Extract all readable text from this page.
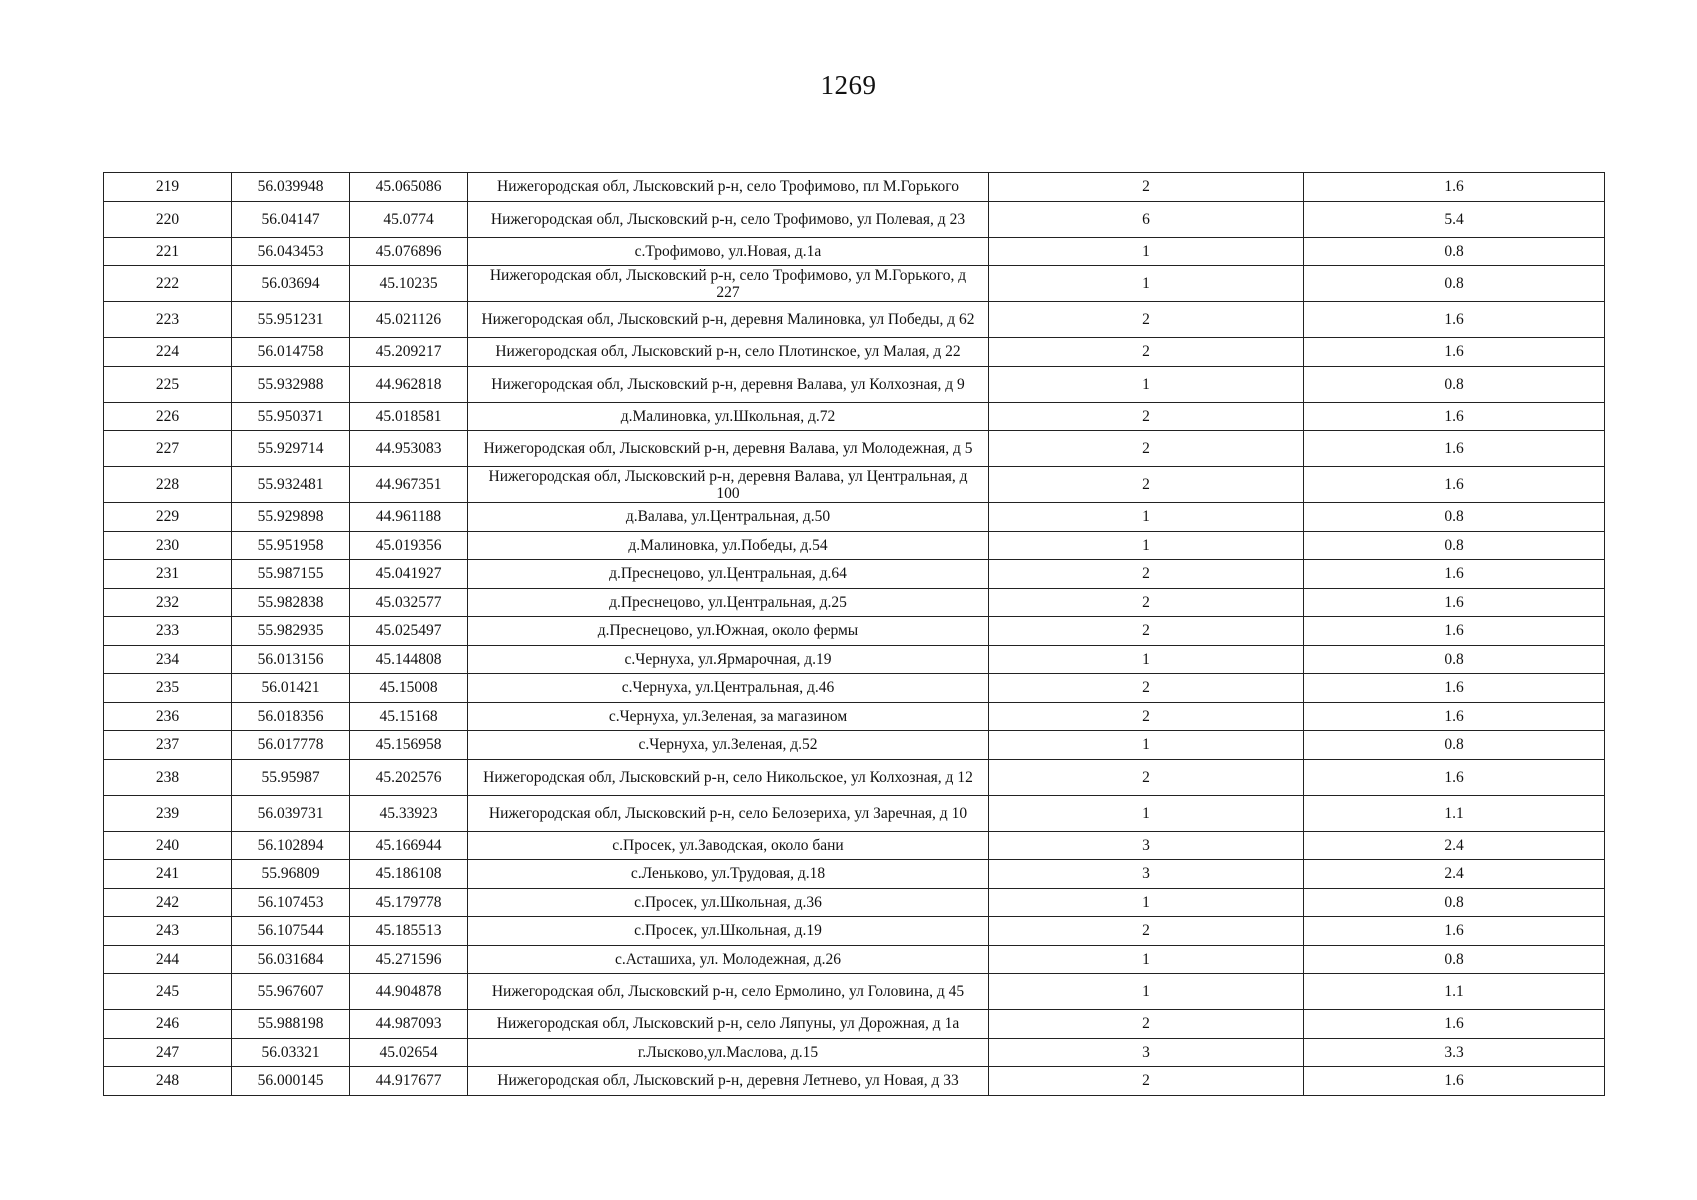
1269
219	56.039948	45.065086	Нижегородская обл, Лысковский р-н, село Трофимово, пл М.Горького	2	1.6
220	56.04147	45.0774	Нижегородская обл, Лысковский р-н, село Трофимово, ул Полевая, д 23	6	5.4
221	56.043453	45.076896	с.Трофимово, ул.Новая, д.1а	1	0.8
222	56.03694	45.10235	Нижегородская обл, Лысковский р-н, село Трофимово, ул М.Горького, д 227	1	0.8
223	55.951231	45.021126	Нижегородская обл, Лысковский р-н, деревня Малиновка, ул Победы, д 62	2	1.6
224	56.014758	45.209217	Нижегородская обл, Лысковский р-н, село Плотинское, ул Малая, д 22	2	1.6
225	55.932988	44.962818	Нижегородская обл, Лысковский р-н, деревня Валава, ул Колхозная, д 9	1	0.8
226	55.950371	45.018581	д.Малиновка, ул.Школьная, д.72	2	1.6
227	55.929714	44.953083	Нижегородская обл, Лысковский р-н, деревня Валава, ул Молодежная, д 5	2	1.6
228	55.932481	44.967351	Нижегородская обл, Лысковский р-н, деревня Валава, ул Центральная, д 100	2	1.6
229	55.929898	44.961188	д.Валава, ул.Центральная, д.50	1	0.8
230	55.951958	45.019356	д.Малиновка, ул.Победы, д.54	1	0.8
231	55.987155	45.041927	д.Преснецово, ул.Центральная, д.64	2	1.6
232	55.982838	45.032577	д.Преснецово, ул.Центральная, д.25	2	1.6
233	55.982935	45.025497	д.Преснецово, ул.Южная, около фермы	2	1.6
234	56.013156	45.144808	с.Чернуха, ул.Ярмарочная, д.19	1	0.8
235	56.01421	45.15008	с.Чернуха, ул.Центральная, д.46	2	1.6
236	56.018356	45.15168	с.Чернуха, ул.Зеленая, за магазином	2	1.6
237	56.017778	45.156958	с.Чернуха, ул.Зеленая, д.52	1	0.8
238	55.95987	45.202576	Нижегородская обл, Лысковский р-н, село Никольское, ул Колхозная, д 12	2	1.6
239	56.039731	45.33923	Нижегородская обл, Лысковский р-н, село Белозериха, ул Заречная, д 10	1	1.1
240	56.102894	45.166944	с.Просек, ул.Заводская, около бани	3	2.4
241	55.96809	45.186108	с.Леньково, ул.Трудовая, д.18	3	2.4
242	56.107453	45.179778	с.Просек, ул.Школьная, д.36	1	0.8
243	56.107544	45.185513	с.Просек, ул.Школьная, д.19	2	1.6
244	56.031684	45.271596	с.Асташиха, ул. Молодежная, д.26	1	0.8
245	55.967607	44.904878	Нижегородская обл, Лысковский р-н, село Ермолино, ул Головина, д 45	1	1.1
246	55.988198	44.987093	Нижегородская обл, Лысковский р-н, село Ляпуны, ул Дорожная, д 1а	2	1.6
247	56.03321	45.02654	г.Лысково,ул.Маслова, д.15	3	3.3
248	56.000145	44.917677	Нижегородская обл, Лысковский р-н, деревня Летнево, ул Новая, д 33	2	1.6
